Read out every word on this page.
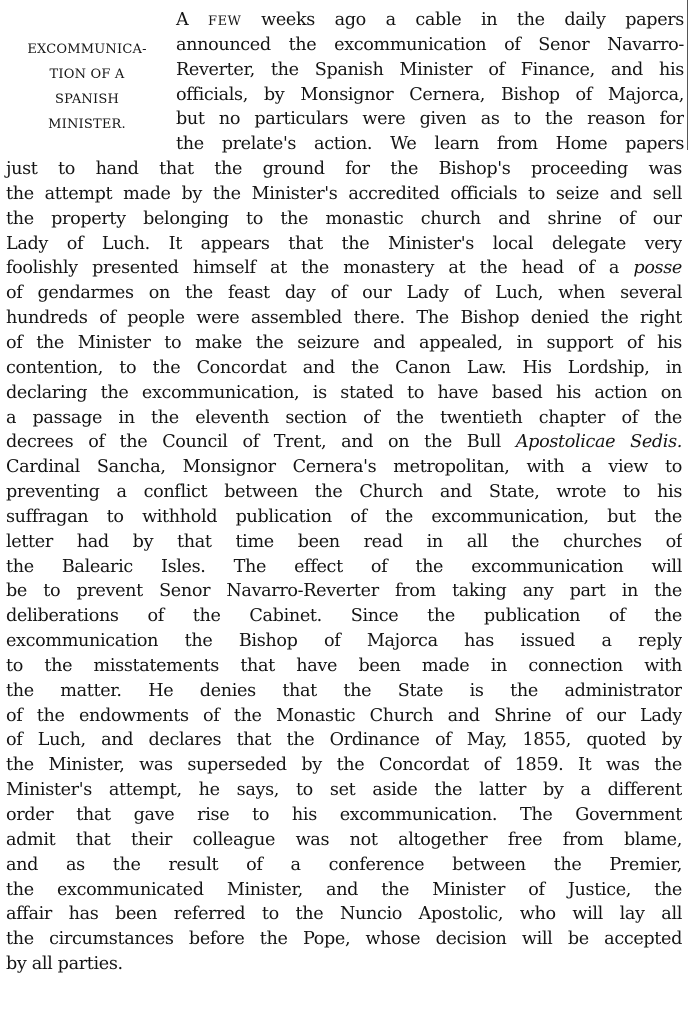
EXCOMMUNICA-
TION OF A
SPANISH
MINISTER.
A FEW weeks ago a cable in the daily papers
announced the excommunication of Senor Navarro-
Reverter, the Spanish Minister of Finance, and his
officials, by Monsignor Cernera, Bishop of Majorca,
but no particulars were given as to the reason for
the prelate's action. We learn from Home papers
just to hand that the ground for the Bishop's proceeding was
the attempt made by the Minister's accredited officials to seize and sell
the property belonging to the monastic church and shrine of our
Lady of Luch. It appears that the Minister's local delegate very
foolishly presented himself at the monastery at the head of a posse
of gendarmes on the feast day of our Lady of Luch, when several
hundreds of people were assembled there. The Bishop denied the right
of the Minister to make the seizure and appealed, in support of his
contention, to the Concordat and the Canon Law. His Lordship, in
declaring the excommunication, is stated to have based his action on
a passage in the eleventh section of the twentieth chapter of the
decrees of the Council of Trent, and on the Bull Apostolicae Sedis.
Cardinal Sancha, Monsignor Cernera's metropolitan, with a view to
preventing a conflict between the Church and State, wrote to his
suffragan to withhold publication of the excommunication, but the
letter had by that time been read in all the churches of
the Balearic Isles. The effect of the excommunication will
be to prevent Senor Navarro-Reverter from taking any part in the
deliberations of the Cabinet. Since the publication of the
excommunication the Bishop of Majorca has issued a reply
to the misstatements that have been made in connection with
the matter. He denies that the State is the administrator
of the endowments of the Monastic Church and Shrine of our Lady
of Luch, and declares that the Ordinance of May, 1855, quoted by
the Minister, was superseded by the Concordat of 1859. It was the
Minister's attempt, he says, to set aside the latter by a different
order that gave rise to his excommunication. The Government
admit that their colleague was not altogether free from blame,
and as the result of a conference between the Premier,
the excommunicated Minister, and the Minister of Justice, the
affair has been referred to the Nuncio Apostolic, who will lay all
the circumstances before the Pope, whose decision will be accepted
by all parties.
